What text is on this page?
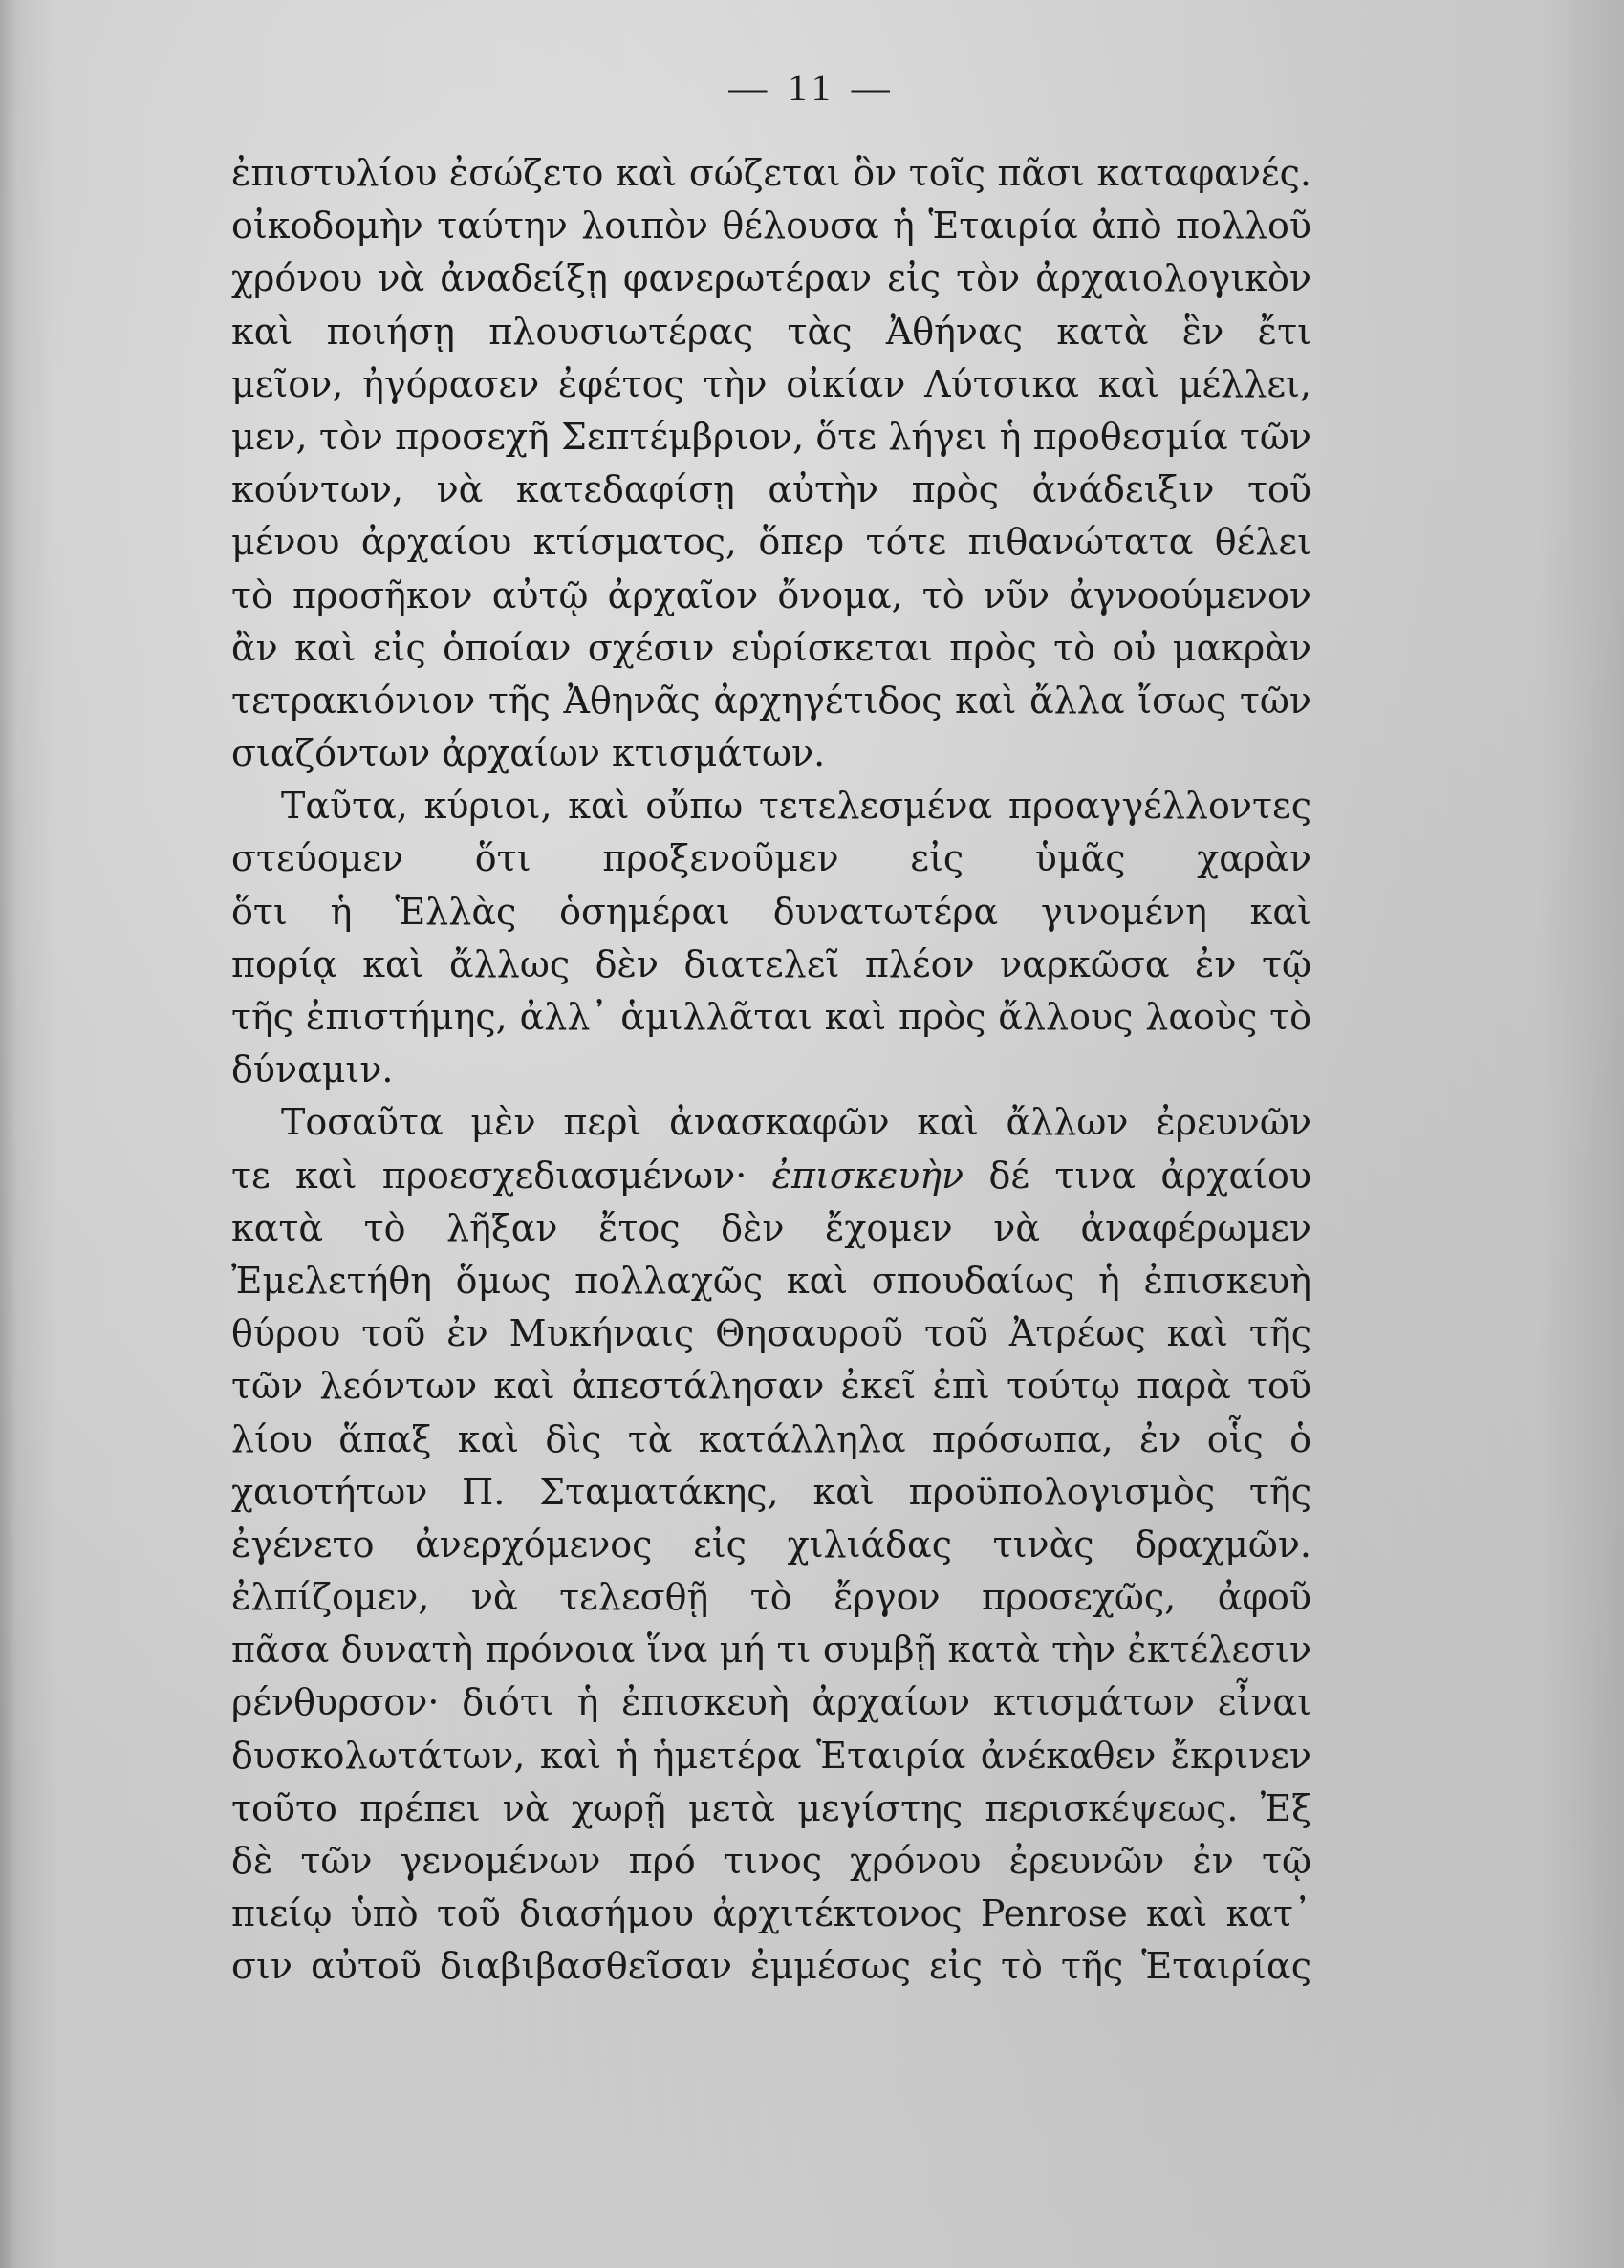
— 11 —
ἐπιστυλίου ἐσώζετο καὶ σώζεται ὃν τοῖς πᾶσι καταφανές.
οἰκοδομὴν ταύτην λοιπὸν θέλουσα ἡ Ἑταιρία ἀπὸ πολλοῦ
χρόνου νὰ ἀναδείξῃ φανερωτέραν εἰς τὸν ἀρχαιολογικὸν
καὶ ποιήσῃ πλουσιωτέρας τὰς Ἀθήνας κατὰ ἓν ἔτι
μεῖον, ἠγόρασεν ἐφέτος τὴν οἰκίαν Λύτσικα καὶ μέλλει,
μεν, τὸν προσεχῆ Σεπτέμβριον, ὅτε λήγει ἡ προθεσμία τῶν
κούντων, νὰ κατεδαφίσῃ αὐτὴν πρὸς ἀνάδειξιν τοῦ
μένου ἀρχαίου κτίσματος, ὅπερ τότε πιθανώτατα θέλει
τὸ προσῆκον αὐτῷ ἀρχαῖον ὄνομα, τὸ νῦν ἀγνοούμενον
ἂν καὶ εἰς ὁποίαν σχέσιν εὑρίσκεται πρὸς τὸ οὐ μακρὰν
τετρακιόνιον τῆς Ἀθηνᾶς ἀρχηγέτιδος καὶ ἄλλα ἴσως τῶν
σιαζόντων ἀρχαίων κτισμάτων.
Ταῦτα, κύριοι, καὶ οὔπω τετελεσμένα προαγγέλλοντες
στεύομεν ὅτι προξενοῦμεν εἰς ὑμᾶς χαρὰν
ὅτι ἡ Ἑλλὰς ὁσημέραι δυνατωτέρα γινομένη καὶ
πορίᾳ καὶ ἄλλως δὲν διατελεῖ πλέον ναρκῶσα ἐν τῷ
τῆς ἐπιστήμης, ἀλλ᾽ ἁμιλλᾶται καὶ πρὸς ἄλλους λαοὺς τὸ
δύναμιν.
Τοσαῦτα μὲν περὶ ἀνασκαφῶν καὶ ἄλλων ἐρευνῶν
τε καὶ προεσχεδιασμένων· ἐπισκευὴν δέ τινα ἀρχαίου
κατὰ τὸ λῆξαν ἔτος δὲν ἔχομεν νὰ ἀναφέρωμεν
Ἐμελετήθη ὅμως πολλαχῶς καὶ σπουδαίως ἡ ἐπισκευὴ
θύρου τοῦ ἐν Μυκήναις Θησαυροῦ τοῦ Ἀτρέως καὶ τῆς
τῶν λεόντων καὶ ἀπεστάλησαν ἐκεῖ ἐπὶ τούτῳ παρὰ τοῦ
λίου ἅπαξ καὶ δὶς τὰ κατάλληλα πρόσωπα, ἐν οἷς ὁ
χαιοτήτων Π. Σταματάκης, καὶ προϋπολογισμὸς τῆς
ἐγένετο ἀνερχόμενος εἰς χιλιάδας τινὰς δραχμῶν.
ἐλπίζομεν, νὰ τελεσθῇ τὸ ἔργον προσεχῶς, ἀφοῦ
πᾶσα δυνατὴ πρόνοια ἵνα μή τι συμβῇ κατὰ τὴν ἐκτέλεσιν
ρένθυρσον· διότι ἡ ἐπισκευὴ ἀρχαίων κτισμάτων εἶναι
δυσκολωτάτων, καὶ ἡ ἡμετέρα Ἑταιρία ἀνέκαθεν ἔκρινεν
τοῦτο πρέπει νὰ χωρῇ μετὰ μεγίστης περισκέψεως. Ἐξ
δὲ τῶν γενομένων πρό τινος χρόνου ἐρευνῶν ἐν τῷ
πιείῳ ὑπὸ τοῦ διασήμου ἀρχιτέκτονος Penrose καὶ κατ᾽
σιν αὐτοῦ διαβιβασθεῖσαν ἐμμέσως εἰς τὸ τῆς Ἑταιρίας
